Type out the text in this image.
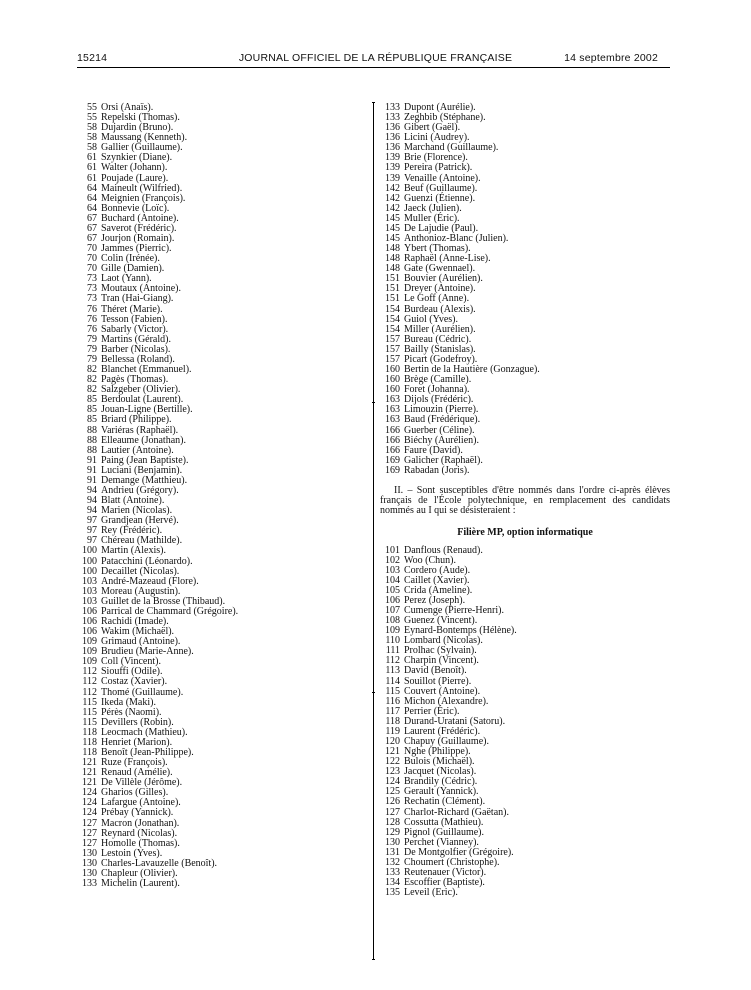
15214	JOURNAL OFFICIEL DE LA RÉPUBLIQUE FRANÇAISE	14 septembre 2002
55 Orsi (Anaïs).
55 Repelski (Thomas).
58 Dujardin (Bruno).
58 Maussang (Kenneth).
58 Gallier (Guillaume).
61 Szynkier (Diane).
61 Walter (Johann).
61 Poujade (Laure).
64 Maineult (Wilfried).
64 Meignien (François).
64 Bonnevie (Loïc).
67 Buchard (Antoine).
67 Saverot (Frédéric).
67 Jourjon (Romain).
70 Jammes (Pierric).
70 Colin (Irénée).
70 Gille (Damien).
73 Laot (Yann).
73 Moutaux (Antoine).
73 Tran (Hai-Giang).
76 Théret (Marie).
76 Tesson (Fabien).
76 Sabarly (Victor).
79 Martins (Gérald).
79 Barber (Nicolas).
79 Bellessa (Roland).
82 Blanchet (Emmanuel).
82 Pagès (Thomas).
82 Salzgeber (Olivier).
85 Berdoulat (Laurent).
85 Jouan-Ligne (Bertille).
85 Briard (Philippe).
88 Variéras (Raphaël).
88 Elleaume (Jonathan).
88 Lautier (Antoine).
91 Paing (Jean Baptiste).
91 Luciani (Benjamin).
91 Demange (Matthieu).
94 Andrieu (Grégory).
94 Blatt (Antoine).
94 Marien (Nicolas).
97 Grandjean (Hervé).
97 Rey (Frédéric).
97 Chéreau (Mathilde).
100 Martin (Alexis).
100 Patacchini (Léonardo).
100 Decaillet (Nicolas).
103 André-Mazeaud (Flore).
103 Moreau (Augustin).
103 Guillet de la Brosse (Thibaud).
106 Parrical de Chammard (Grégoire).
106 Rachidi (Imade).
106 Wakim (Michaël).
109 Grimaud (Antoine).
109 Brudieu (Marie-Anne).
109 Coll (Vincent).
112 Siouffi (Odile).
112 Costaz (Xavier).
112 Thomé (Guillaume).
115 Ikeda (Maki).
115 Pérès (Naomi).
115 Devillers (Robin).
118 Leocmach (Mathieu).
118 Henriet (Marion).
118 Benoît (Jean-Philippe).
121 Ruze (François).
121 Renaud (Amélie).
121 De Villèle (Jérôme).
124 Gharios (Gilles).
124 Lafargue (Antoine).
124 Prébay (Yannick).
127 Macron (Jonathan).
127 Reynard (Nicolas).
127 Homolle (Thomas).
130 Lestoin (Yves).
130 Charles-Lavauzelle (Benoît).
130 Chapleur (Olivier).
133 Michelin (Laurent).
133 Dupont (Aurélie).
133 Zeghbib (Stéphane).
136 Gibert (Gaël).
136 Licini (Audrey).
136 Marchand (Guillaume).
139 Brie (Florence).
139 Pereira (Patrick).
139 Venaille (Antoine).
142 Beuf (Guillaume).
142 Guenzi (Étienne).
142 Jaeck (Julien).
145 Muller (Éric).
145 De Lajudie (Paul).
145 Anthonioz-Blanc (Julien).
148 Ybert (Thomas).
148 Raphaël (Anne-Lise).
148 Gate (Gwennael).
151 Bouvier (Aurélien).
151 Dreyer (Antoine).
151 Le Goff (Anne).
154 Burdeau (Alexis).
154 Guiol (Yves).
154 Miller (Aurélien).
157 Bureau (Cédric).
157 Bailly (Stanislas).
157 Picart (Godefroy).
160 Bertin de la Hautière (Gonzague).
160 Brège (Camille).
160 Foret (Johanna).
163 Dijols (Frédéric).
163 Limouzin (Pierre).
163 Baud (Frédérique).
166 Guerber (Céline).
166 Biéchy (Aurélien).
166 Faure (David).
169 Galicher (Raphaël).
169 Rabadan (Joris).

II. – Sont susceptibles d'être nommés dans l'ordre ci-après élèves français de l'École polytechnique, en remplacement des candidats nommés au I qui se désisteraient :

Filière MP, option informatique
101 Danflous (Renaud).
102 Woo (Chun).
103 Cordero (Aude).
104 Caillet (Xavier).
105 Crida (Ameline).
106 Perez (Joseph).
107 Cumenge (Pierre-Henri).
108 Guenez (Vincent).
109 Eynard-Bontemps (Hélène).
110 Lombard (Nicolas).
111 Prolhac (Sylvain).
112 Charpin (Vincent).
113 David (Benoît).
114 Souillot (Pierre).
115 Couvert (Antoine).
116 Michon (Alexandre).
117 Perrier (Éric).
118 Durand-Uratani (Satoru).
119 Laurent (Frédéric).
120 Chapuy (Guillaume).
121 Nghe (Philippe).
122 Bulois (Michaël).
123 Jacquet (Nicolas).
124 Brandily (Cédric).
125 Gerault (Yannick).
126 Rechatin (Clément).
127 Charlot-Richard (Gaëtan).
128 Cossutta (Mathieu).
129 Pignol (Guillaume).
130 Perchet (Vianney).
131 De Montgolfier (Grégoire).
132 Choumert (Christophe).
133 Reutenauer (Victor).
134 Escoffier (Baptiste).
135 Leveil (Eric).
